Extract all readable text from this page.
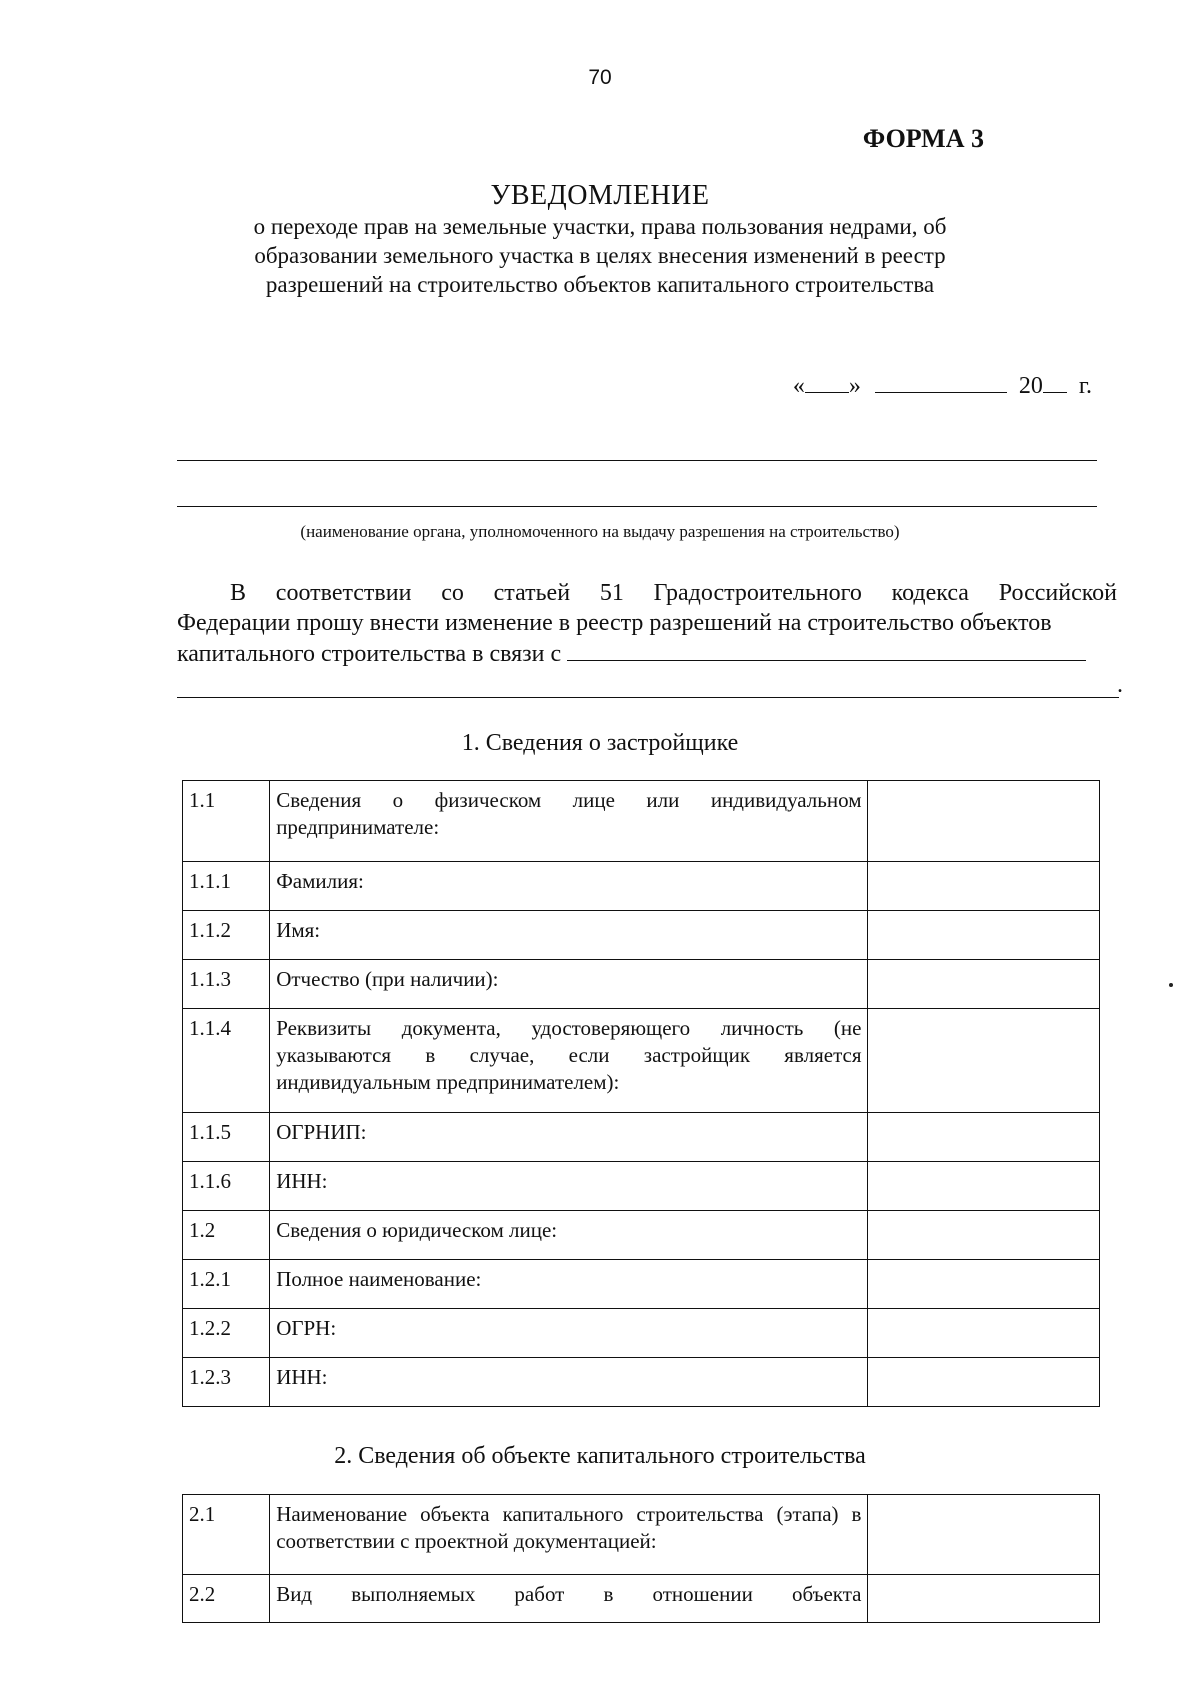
70
ФОРМА 3
УВЕДОМЛЕНИЕ
о переходе прав на земельные участки, права пользования недрами, об образовании земельного участка в целях внесения изменений в реестр разрешений на строительство объектов капитального строительства
« »	20 г.
(наименование органа, уполномоченного на выдачу разрешения на строительство)
В соответствии со статьей 51 Градостроительного кодекса Российской
Федерации прошу внести изменение в реестр разрешений на строительство объектов
капитального строительства в связи с
.
1. Сведения о застройщике
1.1	Сведения о физическом лице или индивидуальном предпринимателе:	
1.1.1	Фамилия:	
1.1.2	Имя:	
1.1.3	Отчество (при наличии):	
1.1.4	Реквизиты документа, удостоверяющего личность (не указываются в случае, если застройщик является индивидуальным предпринимателем):	
1.1.5	ОГРНИП:	
1.1.6	ИНН:	
1.2	Сведения о юридическом лице:	
1.2.1	Полное наименование:	
1.2.2	ОГРН:	
1.2.3	ИНН:	
2. Сведения об объекте капитального строительства
2.1	Наименование объекта капитального строительства (этапа) в соответствии с проектной документацией:	
2.2	Вид выполняемых работ в отношении объекта	
